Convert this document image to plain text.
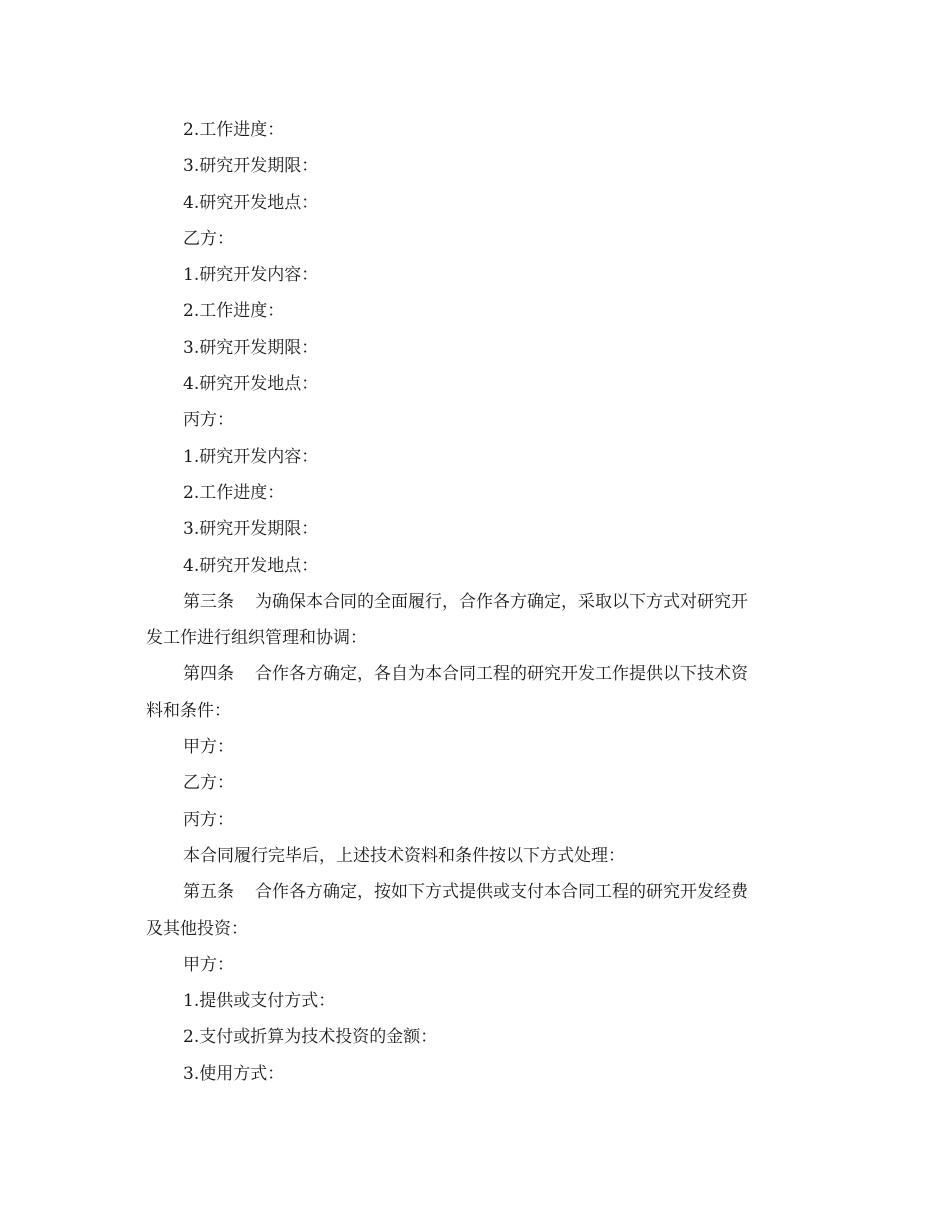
2.工作进度：
3.研究开发期限：
4.研究开发地点：
乙方：
1.研究开发内容：
2.工作进度：
3.研究开发期限：
4.研究开发地点：
丙方：
1.研究开发内容：
2.工作进度：
3.研究开发期限：
4.研究开发地点：
第三条 为确保本合同的全面履行，合作各方确定，采取以下方式对研究开
发工作进行组织管理和协调：
第四条 合作各方确定，各自为本合同工程的研究开发工作提供以下技术资
料和条件：
甲方：
乙方：
丙方：
本合同履行完毕后，上述技术资料和条件按以下方式处理：
第五条 合作各方确定，按如下方式提供或支付本合同工程的研究开发经费
及其他投资：
甲方：
1.提供或支付方式：
2.支付或折算为技术投资的金额：
3.使用方式：
